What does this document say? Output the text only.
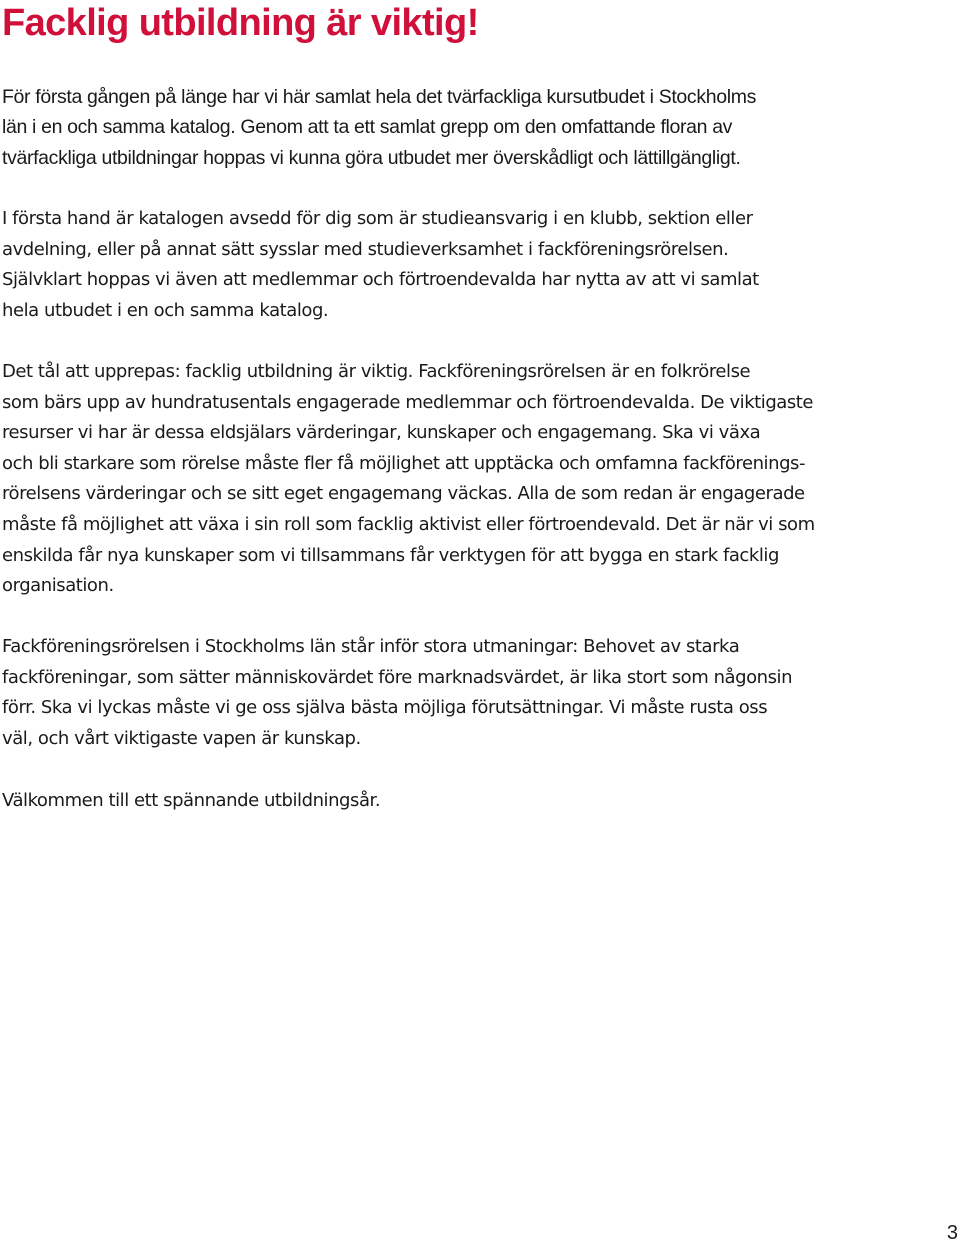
Facklig utbildning är viktig!

För första gången på länge har vi här samlat hela det tvärfackliga kursutbudet i Stockholms
län i en och samma katalog. Genom att ta ett samlat grepp om den omfattande floran av
tvärfackliga utbildningar hoppas vi kunna göra utbudet mer överskådligt och lättillgängligt.

I första hand är katalogen avsedd för dig som är studieansvarig i en klubb, sektion eller
avdelning, eller på annat sätt sysslar med studieverksamhet i fackföreningsrörelsen.
Självklart hoppas vi även att medlemmar och förtroendevalda har nytta av att vi samlat
hela utbudet i en och samma katalog.

Det tål att upprepas: facklig utbildning är viktig. Fackföreningsrörelsen är en folkrörelse
som bärs upp av hundratusentals engagerade medlemmar och förtroendevalda. De viktigaste
resurser vi har är dessa eldsjälars värderingar, kunskaper och engagemang. Ska vi växa
och bli starkare som rörelse måste fler få möjlighet att upptäcka och omfamna fackförenings-
rörelsens värderingar och se sitt eget engagemang väckas. Alla de som redan är engagerade
måste få möjlighet att växa i sin roll som facklig aktivist eller förtroendevald. Det är när vi som
enskilda får nya kunskaper som vi tillsammans får verktygen för att bygga en stark facklig
organisation.

Fackföreningsrörelsen i Stockholms län står inför stora utmaningar: Behovet av starka
fackföreningar, som sätter människovärdet före marknadsvärdet, är lika stort som någonsin
förr. Ska vi lyckas måste vi ge oss själva bästa möjliga förutsättningar. Vi måste rusta oss
väl, och vårt viktigaste vapen är kunskap.

Välkommen till ett spännande utbildningsår.

3
